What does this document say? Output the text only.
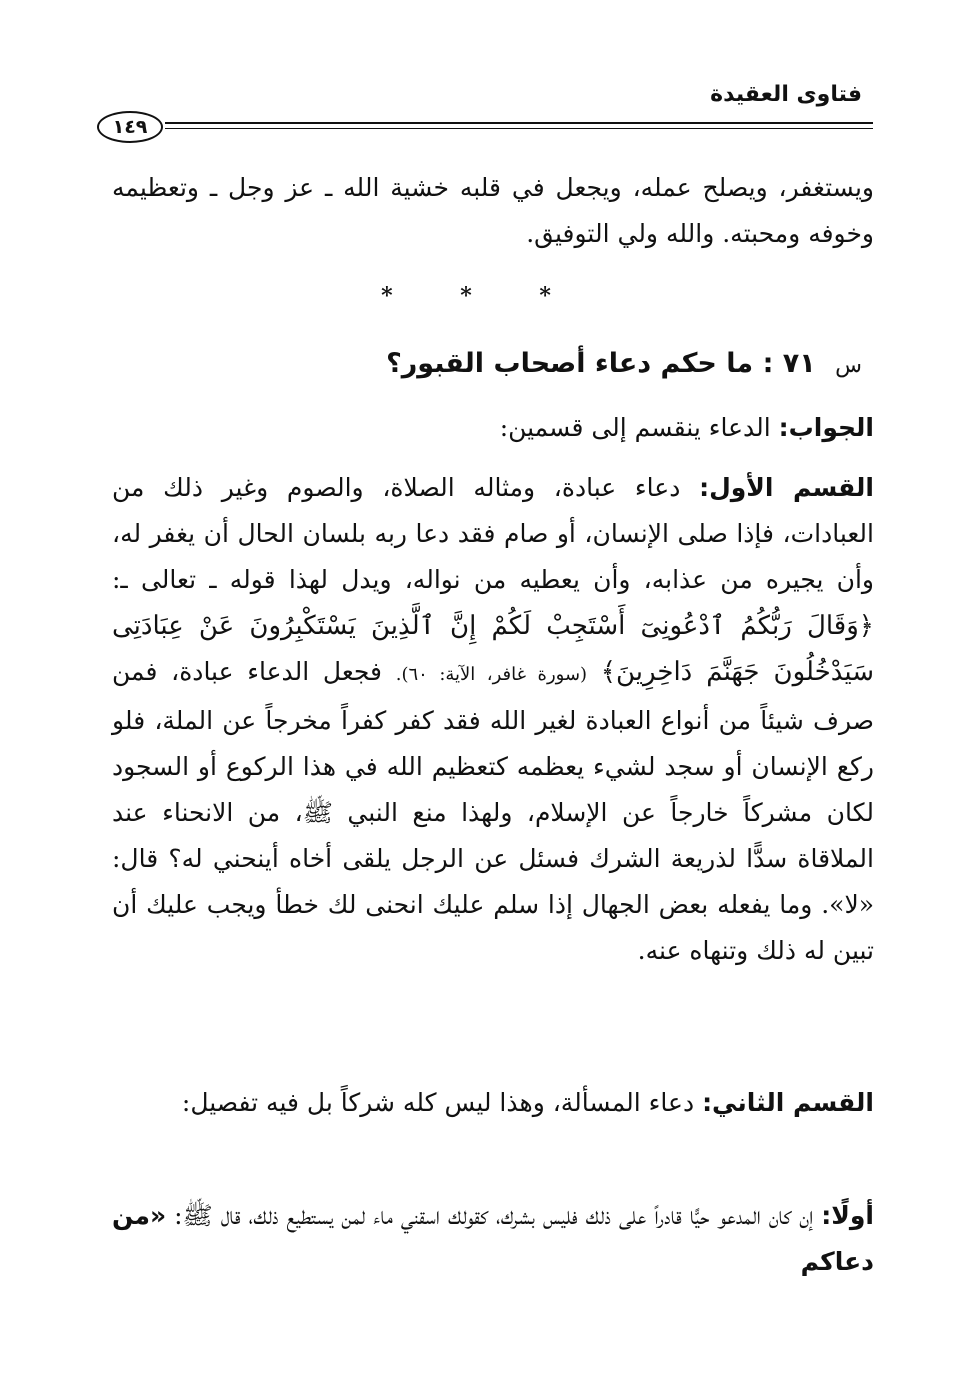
فتاوى العقيدة
١٤٩

ويستغفر، ويصلح عمله، ويجعل في قلبه خشية الله ـ عز وجل ـ وتعظيمه وخوفه ومحبته. والله ولي التوفيق.

* * *
س ٧١ : ما حكم دعاء أصحاب القبور؟

الجواب: الدعاء ينقسم إلى قسمين:

القسم الأول: دعاء عبادة، ومثاله الصلاة، والصوم وغير ذلك من العبادات، فإذا صلى الإنسان، أو صام فقد دعا ربه بلسان الحال أن يغفر له، وأن يجيره من عذابه، وأن يعطيه من نواله، ويدل لهذا قوله ـ تعالى ـ: ﴿وَقَالَ رَبُّكُمُ ٱدْعُونِىٓ أَسْتَجِبْ لَكُمْ إِنَّ ٱلَّذِينَ يَسْتَكْبِرُونَ عَنْ عِبَادَتِى سَيَدْخُلُونَ جَهَنَّمَ دَاخِرِينَ﴾ (سورة غافر، الآية: ٦٠). فجعل الدعاء عبادة، فمن صرف شيئاً من أنواع العبادة لغير الله فقد كفر كفراً مخرجاً عن الملة، فلو ركع الإنسان أو سجد لشيء يعظمه كتعظيم الله في هذا الركوع أو السجود لكان مشركاً خارجاً عن الإسلام، ولهذا منع النبي ﷺ، من الانحناء عند الملاقاة سدًّا لذريعة الشرك فسئل عن الرجل يلقى أخاه أينحني له؟ قال: «لا». وما يفعله بعض الجهال إذا سلم عليك انحنى لك خطأ ويجب عليك أن تبين له ذلك وتنهاه عنه.

القسم الثاني: دعاء المسألة، وهذا ليس كله شركاً بل فيه تفصيل:

أولًا: إن كان المدعو حيًّا قادراً على ذلك فليس بشرك، كقولك اسقني ماء لمن يستطيع ذلك، قال ﷺ: «من دعاكم
